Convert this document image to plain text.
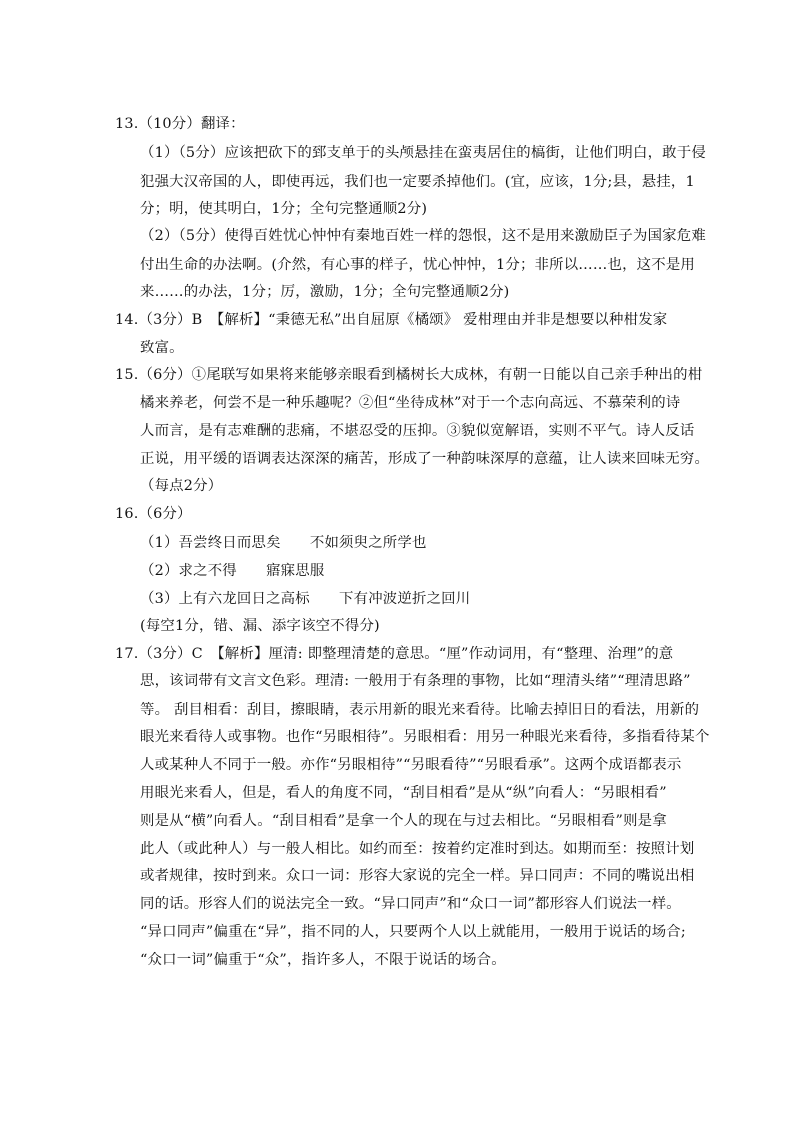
13.（10分）翻译：
（1）（5分）应该把砍下的郅支单于的头颅悬挂在蛮夷居住的槁街，让他们明白，敢于侵
犯强大汉帝国的人，即使再远，我们也一定要杀掉他们。(宜，应该，1分;县，悬挂，1
分；明，使其明白，1分；全句完整通顺2分)
（2）（5分）使得百姓忧心忡忡有秦地百姓一样的怨恨，这不是用来激励臣子为国家危难
付出生命的办法啊。(介然，有心事的样子，忧心忡忡，1分；非所以……也，这不是用
来……的办法，1分；厉，激励，1分；全句完整通顺2分)
14.（3分）B　【解析】“秉德无私”出自屈原《橘颂》 爱柑理由并非是想要以种柑发家
致富。
15.（6分）①尾联写如果将来能够亲眼看到橘树长大成林，有朝一日能以自己亲手种出的柑
橘来养老，何尝不是一种乐趣呢？②但“坐待成林”对于一个志向高远、不慕荣利的诗
人而言，是有志难酬的悲痛，不堪忍受的压抑。③貌似宽解语，实则不平气。诗人反话
正说，用平缓的语调表达深深的痛苦，形成了一种韵味深厚的意蕴，让人读来回味无穷。
（每点2分）
16.（6分）
（1）吾尝终日而思矣　　不如须臾之所学也
（2）求之不得　　寤寐思服
（3）上有六龙回日之高标　　下有冲波逆折之回川
(每空1分，错、漏、添字该空不得分)
17.（3分）C　【解析】厘清: 即整理清楚的意思。“厘”作动词用，有“整理、治理”的意
思，该词带有文言文色彩。理清: 一般用于有条理的事物，比如“理清头绪”“理清思路”
等。 刮目相看：刮目，擦眼睛，表示用新的眼光来看待。比喻去掉旧日的看法，用新的
眼光来看待人或事物。也作“另眼相待”。另眼相看：用另一种眼光来看待，多指看待某个
人或某种人不同于一般。亦作“另眼相待”“另眼看待”“另眼看承”。这两个成语都表示
用眼光来看人，但是，看人的角度不同，“刮目相看”是从“纵”向看人：“另眼相看”
则是从“横”向看人。“刮目相看”是拿一个人的现在与过去相比。“另眼相看”则是拿
此人（或此种人）与一般人相比。如约而至：按着约定准时到达。如期而至：按照计划
或者规律，按时到来。众口一词：形容大家说的完全一样。异口同声：不同的嘴说出相
同的话。形容人们的说法完全一致。“异口同声”和“众口一词”都形容人们说法一样。
“异口同声”偏重在“异”，指不同的人，只要两个人以上就能用，一般用于说话的场合;
“众口一词”偏重于“众”，指许多人，不限于说话的场合。
